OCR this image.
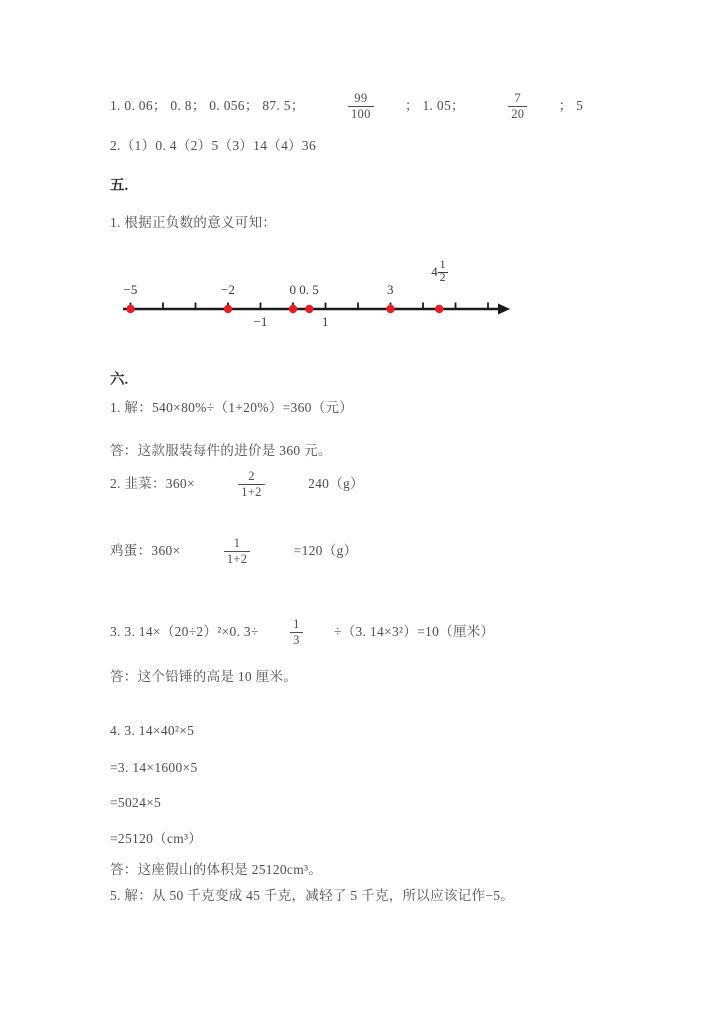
1. 0. 06； 0. 8； 0. 056； 87. 5；	$\frac{99}{100}$ ； 1. 05；	$\frac{7}{20}$ ； 5
2.（1）0. 4（2）5（3）14（4）36
五.
1. 根据正负数的意义可知：
−5	−2	0 0. 5	3
$4 \frac{1}{2}$
−1	1
六.
1. 解：540×80%÷（1+20%）=360（元）
答：这款服装每件的进价是 360 元。
2. 韭菜：360×	$\frac{2}{1+2}$	240（g）
鸡蛋：360×	$\frac{1}{1+2}$	=120（g）
3. 3. 14×（20÷2）²×0. 3÷	$\frac{1}{3} \div(3$. 14×3²）=10（厘米）
答：这个铅锤的高是 10 厘米。
4. 3. 14×40²×5
=3. 14×1600×5
=5024×5
=25120（cm³）
答：这座假山的体积是 25120cm³。
5. 解：从 50 千克变成 45 千克，减轻了 5 千克，所以应该记作−5。
